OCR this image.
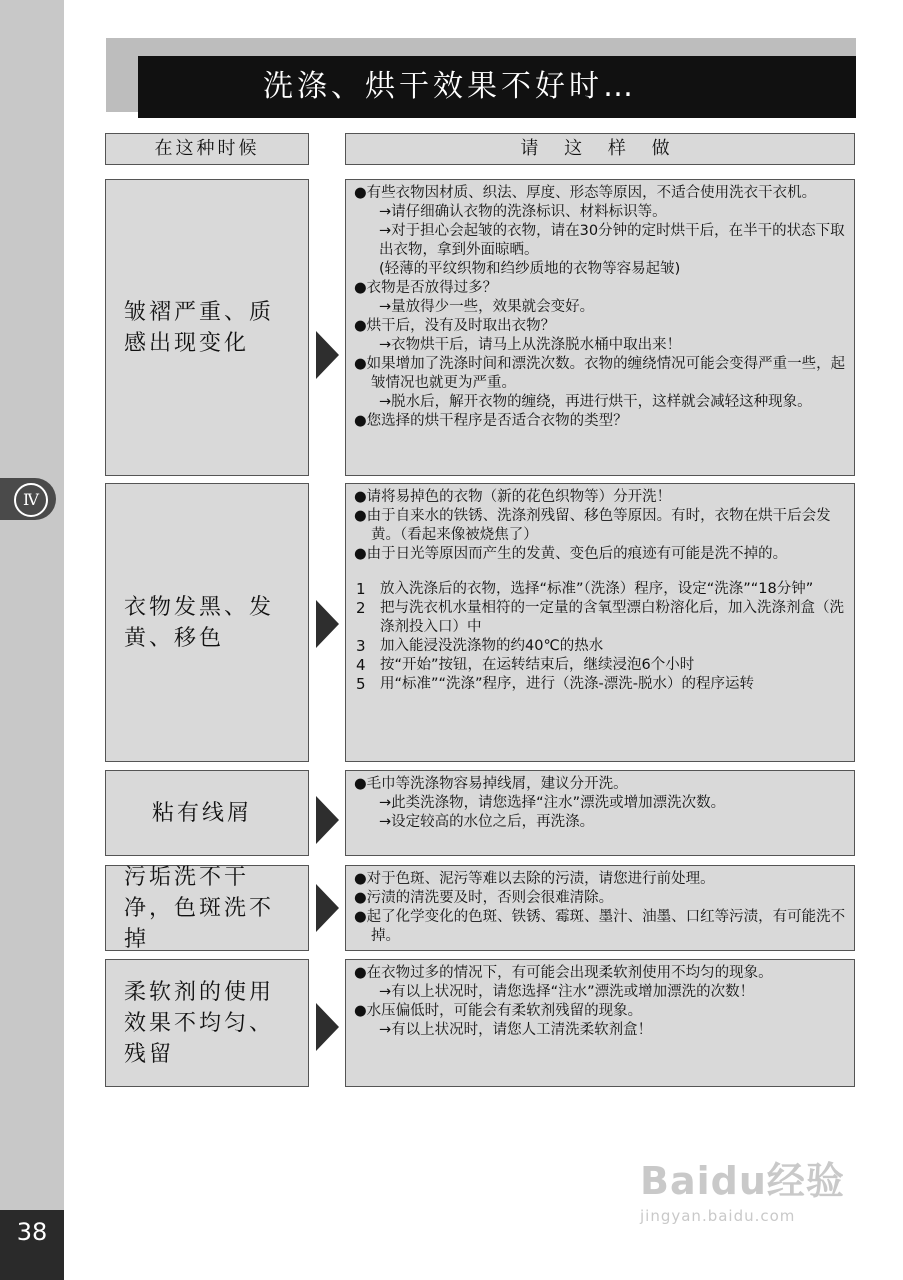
Ⅳ
38
洗涤、烘干效果不好时…
在这种时候	请 这 样 做
皱褶严重、质感出现变化
●有些衣物因材质、织法、厚度、形态等原因，不适合使用洗衣干衣机。
→请仔细确认衣物的洗涤标识、材料标识等。
→对于担心会起皱的衣物，请在30分钟的定时烘干后，在半干的状态下取出衣物，拿到外面晾晒。
(轻薄的平纹织物和绉纱质地的衣物等容易起皱)
●衣物是否放得过多？
→量放得少一些，效果就会变好。
●烘干后，没有及时取出衣物？
→衣物烘干后，请马上从洗涤脱水桶中取出来！
●如果增加了洗涤时间和漂洗次数。衣物的缠绕情况可能会变得严重一些，起皱情况也就更为严重。
→脱水后，解开衣物的缠绕，再进行烘干，这样就会减轻这种现象。
●您选择的烘干程序是否适合衣物的类型？
衣物发黑、发黄、移色
●请将易掉色的衣物（新的花色织物等）分开洗！
●由于自来水的铁锈、洗涤剂残留、移色等原因。有时，衣物在烘干后会发黄。（看起来像被烧焦了）
●由于日光等原因而产生的发黄、变色后的痕迹有可能是洗不掉的。
1 放入洗涤后的衣物，选择“标准”（洗涤）程序，设定“洗涤”“18分钟”
2 把与洗衣机水量相符的一定量的含氧型漂白粉溶化后，加入洗涤剂盒（洗涤剂投入口）中
3 加入能浸没洗涤物的约40℃的热水
4 按“开始”按钮，在运转结束后，继续浸泡6个小时
5 用“标准”“洗涤”程序，进行（洗涤-漂洗-脱水）的程序运转
粘有线屑
●毛巾等洗涤物容易掉线屑，建议分开洗。
→此类洗涤物，请您选择“注水”漂洗或增加漂洗次数。
→设定较高的水位之后，再洗涤。
污垢洗不干净，色斑洗不掉
●对于色斑、泥污等难以去除的污渍，请您进行前处理。
●污渍的清洗要及时，否则会很难清除。
●起了化学变化的色斑、铁锈、霉斑、墨汁、油墨、口红等污渍，有可能洗不掉。
柔软剂的使用效果不均匀、残留
●在衣物过多的情况下，有可能会出现柔软剂使用不均匀的现象。
→有以上状况时，请您选择“注水”漂洗或增加漂洗的次数！
●水压偏低时，可能会有柔软剂残留的现象。
→有以上状况时，请您人工清洗柔软剂盒！
Baidu经验
jingyan.baidu.com
